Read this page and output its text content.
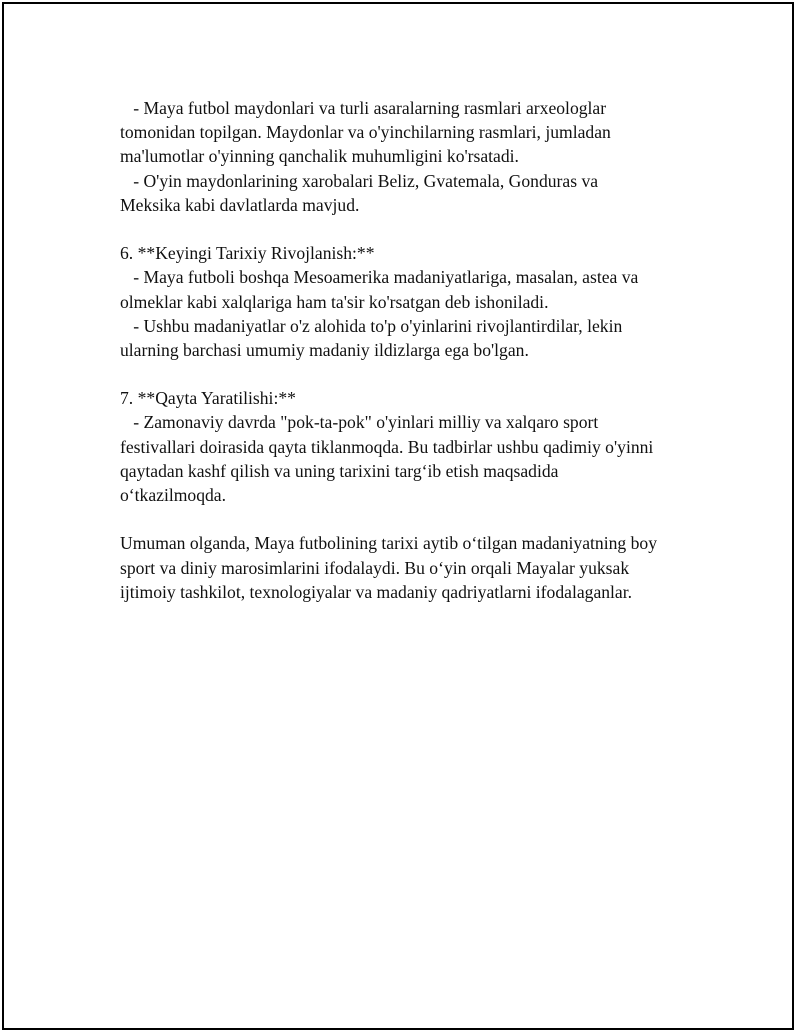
- Maya futbol maydonlari va turli asaralarning rasmlari arxeologlar
tomonidan topilgan. Maydonlar va o'yinchilarning rasmlari, jumladan
ma'lumotlar o'yinning qanchalik muhumligini ko'rsatadi.
- O'yin maydonlarining xarobalari Beliz, Gvatemala, Gonduras va
Meksika kabi davlatlarda mavjud.
6. **Keyingi Tarixiy Rivojlanish:**
- Maya futboli boshqa Mesoamerika madaniyatlariga, masalan, astea va
olmeklar kabi xalqlariga ham ta'sir ko'rsatgan deb ishoniladi.
- Ushbu madaniyatlar o'z alohida to'p o'yinlarini rivojlantirdilar, lekin
ularning barchasi umumiy madaniy ildizlarga ega bo'lgan.
7. **Qayta Yaratilishi:**
- Zamonaviy davrda "pok-ta-pok" o'yinlari milliy va xalqaro sport
festivallari doirasida qayta tiklanmoqda. Bu tadbirlar ushbu qadimiy o'yinni
qaytadan kashf qilish va uning tarixini targ‘ib etish maqsadida
o‘tkazilmoqda.
Umuman olganda, Maya futbolining tarixi aytib o‘tilgan madaniyatning boy
sport va diniy marosimlarini ifodalaydi. Bu o‘yin orqali Mayalar yuksak
ijtimoiy tashkilot, texnologiyalar va madaniy qadriyatlarni ifodalaganlar.
